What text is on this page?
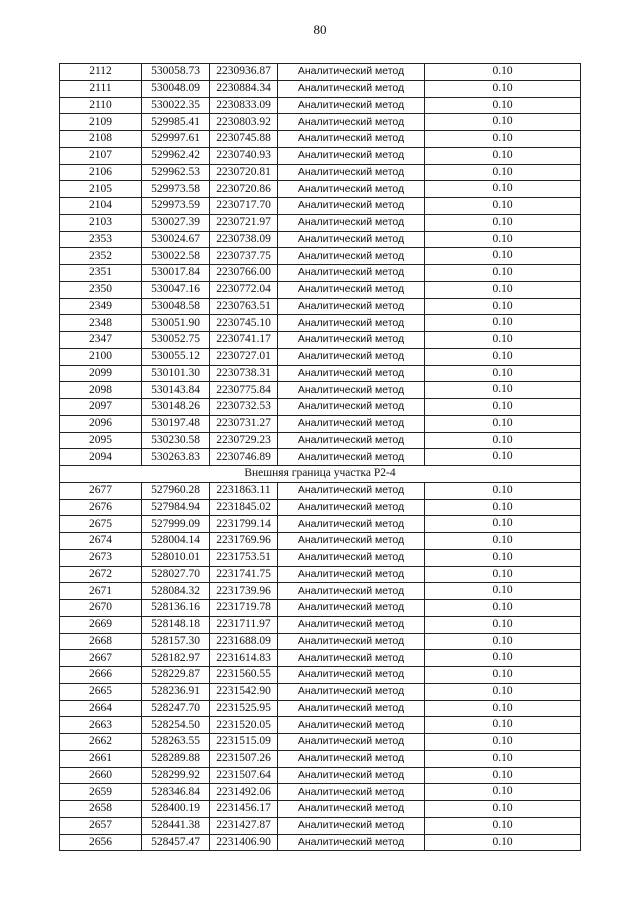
80
2112	530058.73	2230936.87	Аналитический метод	0.10
2111	530048.09	2230884.34	Аналитический метод	0.10
2110	530022.35	2230833.09	Аналитический метод	0.10
2109	529985.41	2230803.92	Аналитический метод	0.10
2108	529997.61	2230745.88	Аналитический метод	0.10
2107	529962.42	2230740.93	Аналитический метод	0.10
2106	529962.53	2230720.81	Аналитический метод	0.10
2105	529973.58	2230720.86	Аналитический метод	0.10
2104	529973.59	2230717.70	Аналитический метод	0.10
2103	530027.39	2230721.97	Аналитический метод	0.10
2353	530024.67	2230738.09	Аналитический метод	0.10
2352	530022.58	2230737.75	Аналитический метод	0.10
2351	530017.84	2230766.00	Аналитический метод	0.10
2350	530047.16	2230772.04	Аналитический метод	0.10
2349	530048.58	2230763.51	Аналитический метод	0.10
2348	530051.90	2230745.10	Аналитический метод	0.10
2347	530052.75	2230741.17	Аналитический метод	0.10
2100	530055.12	2230727.01	Аналитический метод	0.10
2099	530101.30	2230738.31	Аналитический метод	0.10
2098	530143.84	2230775.84	Аналитический метод	0.10
2097	530148.26	2230732.53	Аналитический метод	0.10
2096	530197.48	2230731.27	Аналитический метод	0.10
2095	530230.58	2230729.23	Аналитический метод	0.10
2094	530263.83	2230746.89	Аналитический метод	0.10
Внешняя граница участка Р2-4				
2677	527960.28	2231863.11	Аналитический метод	0.10
2676	527984.94	2231845.02	Аналитический метод	0.10
2675	527999.09	2231799.14	Аналитический метод	0.10
2674	528004.14	2231769.96	Аналитический метод	0.10
2673	528010.01	2231753.51	Аналитический метод	0.10
2672	528027.70	2231741.75	Аналитический метод	0.10
2671	528084.32	2231739.96	Аналитический метод	0.10
2670	528136.16	2231719.78	Аналитический метод	0.10
2669	528148.18	2231711.97	Аналитический метод	0.10
2668	528157.30	2231688.09	Аналитический метод	0.10
2667	528182.97	2231614.83	Аналитический метод	0.10
2666	528229.87	2231560.55	Аналитический метод	0.10
2665	528236.91	2231542.90	Аналитический метод	0.10
2664	528247.70	2231525.95	Аналитический метод	0.10
2663	528254.50	2231520.05	Аналитический метод	0.10
2662	528263.55	2231515.09	Аналитический метод	0.10
2661	528289.88	2231507.26	Аналитический метод	0.10
2660	528299.92	2231507.64	Аналитический метод	0.10
2659	528346.84	2231492.06	Аналитический метод	0.10
2658	528400.19	2231456.17	Аналитический метод	0.10
2657	528441.38	2231427.87	Аналитический метод	0.10
2656	528457.47	2231406.90	Аналитический метод	0.10
